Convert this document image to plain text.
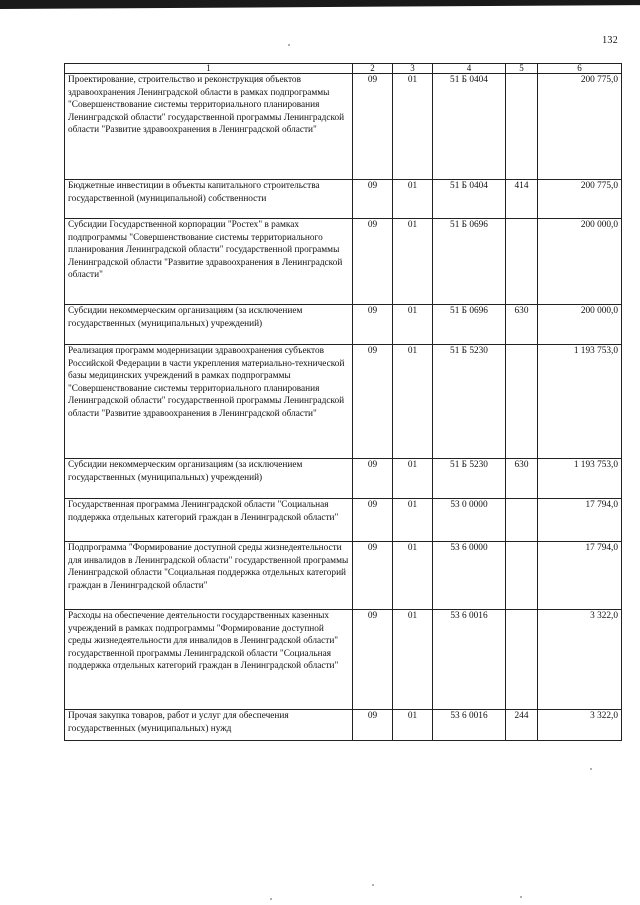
132
1	2	3	4	5	6
Проектирование, строительство и реконструкция объектов здравоохранения Ленинградской области в рамках подпрограммы "Совершенствование системы территориального планирования Ленинградской области" государственной программы Ленинградской области "Развитие здравоохранения в Ленинградской области"	09	01	51 Б 0404		200 775,0
Бюджетные инвестиции в объекты капитального строительства государственной (муниципальной) собственности	09	01	51 Б 0404	414	200 775,0
Субсидии Государственной корпорации "Ростех" в рамках подпрограммы "Совершенствование системы территориального планирования Ленинградской области" государственной программы Ленинградской области "Развитие здравоохранения в Ленинградской области"	09	01	51 Б 0696		200 000,0
Субсидии некоммерческим организациям (за исключением государственных (муниципальных) учреждений)	09	01	51 Б 0696	630	200 000,0
Реализация программ модернизации здравоохранения субъектов Российской Федерации в части укрепления материально-технической базы медицинских учреждений в рамках подпрограммы "Совершенствование системы территориального планирования Ленинградской области" государственной программы Ленинградской области "Развитие здравоохранения в Ленинградской области"	09	01	51 Б 5230		1 193 753,0
Субсидии некоммерческим организациям (за исключением государственных (муниципальных) учреждений)	09	01	51 Б 5230	630	1 193 753,0
Государственная программа Ленинградской области "Социальная поддержка отдельных категорий граждан в Ленинградской области"	09	01	53 0 0000		17 794,0
Подпрограмма "Формирование доступной среды жизнедеятельности для инвалидов в Ленинградской области" государственной программы Ленинградской области "Социальная поддержка отдельных категорий граждан в Ленинградской области"	09	01	53 6 0000		17 794,0
Расходы на обеспечение деятельности государственных казенных учреждений в рамках подпрограммы "Формирование доступной среды жизнедеятельности для инвалидов в Ленинградской области" государственной программы Ленинградской области "Социальная поддержка отдельных категорий граждан в Ленинградской области"	09	01	53 6 0016		3 322,0
Прочая закупка товаров, работ и услуг для обеспечения государственных (муниципальных) нужд	09	01	53 6 0016	244	3 322,0
